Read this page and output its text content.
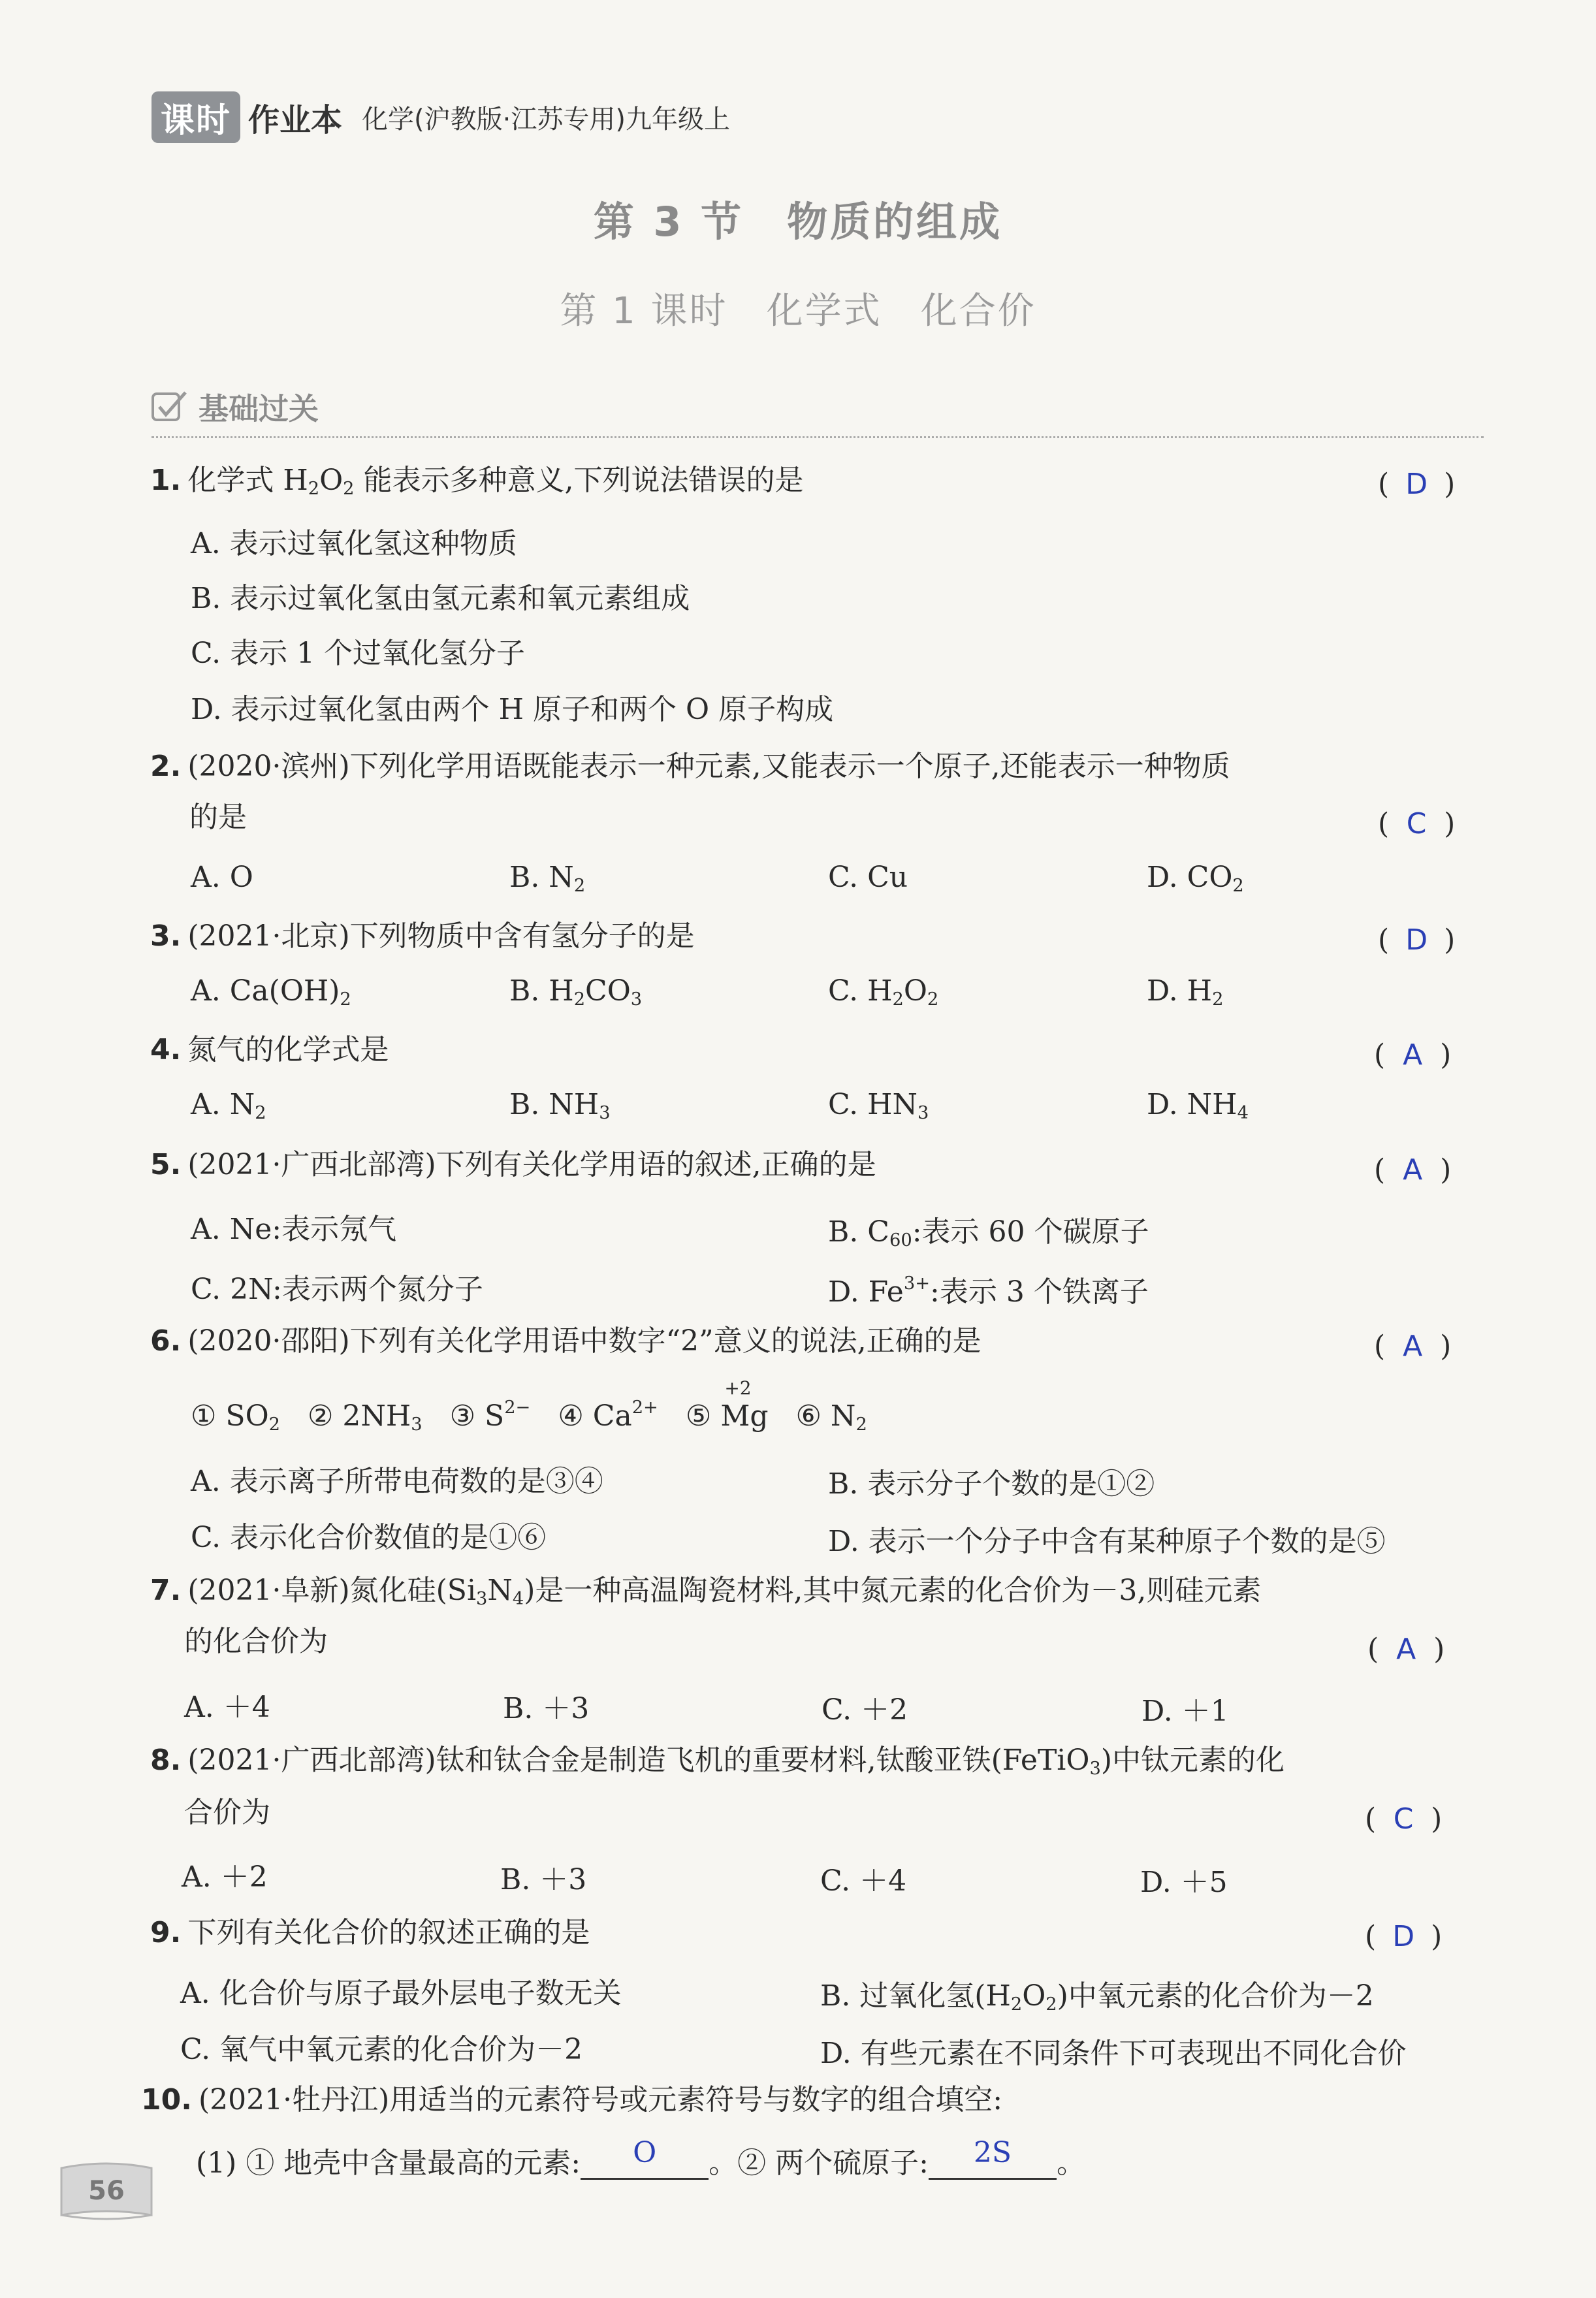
课时 作业本 化学(沪教版·江苏专用)九年级上
第 3 节　物质的组成
第 1 课时　化学式　化合价
基础过关
1. 化学式 $H_2O_2$ 能表示多种意义,下列说法错误的是	( D )
A. 表示过氧化氢这种物质
B. 表示过氧化氢由氢元素和氧元素组成
C. 表示 1 个过氧化氢分子
D. 表示过氧化氢由两个 H 原子和两个 O 原子构成
2. (2020·滨州)下列化学用语既能表示一种元素,又能表示一个原子,还能表示一种物质
的是	( C )
A. O	B. $N_2$	C. Cu	D. $CO_2$
3. (2021·北京)下列物质中含有氢分子的是	( D )
A. $Ca(OH)_2$	B. $H_2CO_3$	C. $H_2O_2$	D. $H_2$
4. 氮气的化学式是	( A )
A. $N_2$	B. $NH_3$	C. $HN_3$	D. $NH_4$
5. (2021·广西北部湾)下列有关化学用语的叙述,正确的是	( A )
A. Ne:表示氖气	B. $C_{60}$:表示 60 个碳原子
C. 2N:表示两个氮分子	D. $Fe^{3+}$:表示 3 个铁离子
6. (2020·邵阳)下列有关化学用语中数字“2”意义的说法,正确的是	( A )
① $SO_2$ ② $2NH_3$ ③ $S^{2-}$ ④ $Ca^{2+}$ ⑤
+2
Mg ⑥ $N_2$
A. 表示离子所带电荷数的是③④	B. 表示分子个数的是①②
C. 表示化合价数值的是①⑥	D. 表示一个分子中含有某种原子个数的是⑤
7. (2021·阜新)氮化硅$(Si_3N_4)$是一种高温陶瓷材料,其中氮元素的化合价为－3,则硅元素
的化合价为	( A )
A. ＋4	B. ＋3	C. ＋2	D. ＋1
8. (2021·广西北部湾)钛和钛合金是制造飞机的重要材料,钛酸亚铁(FeTiO$_3$)中钛元素的化
合价为	( C )
A. ＋2	B. ＋3	C. ＋4	D. ＋5
9. 下列有关化合价的叙述正确的是	( D )
A. 化合价与原子最外层电子数无关	B. 过氧化氢$(H_2O_2)$中氧元素的化合价为－2
C. 氧气中氧元素的化合价为－2	D. 有些元素在不同条件下可表现出不同化合价
10. (2021·牡丹江)用适当的元素符号或元素符号与数字的组合填空:
(1) ① 地壳中含量最高的元素: O 。② 两个硫原子: 2S 。
56
